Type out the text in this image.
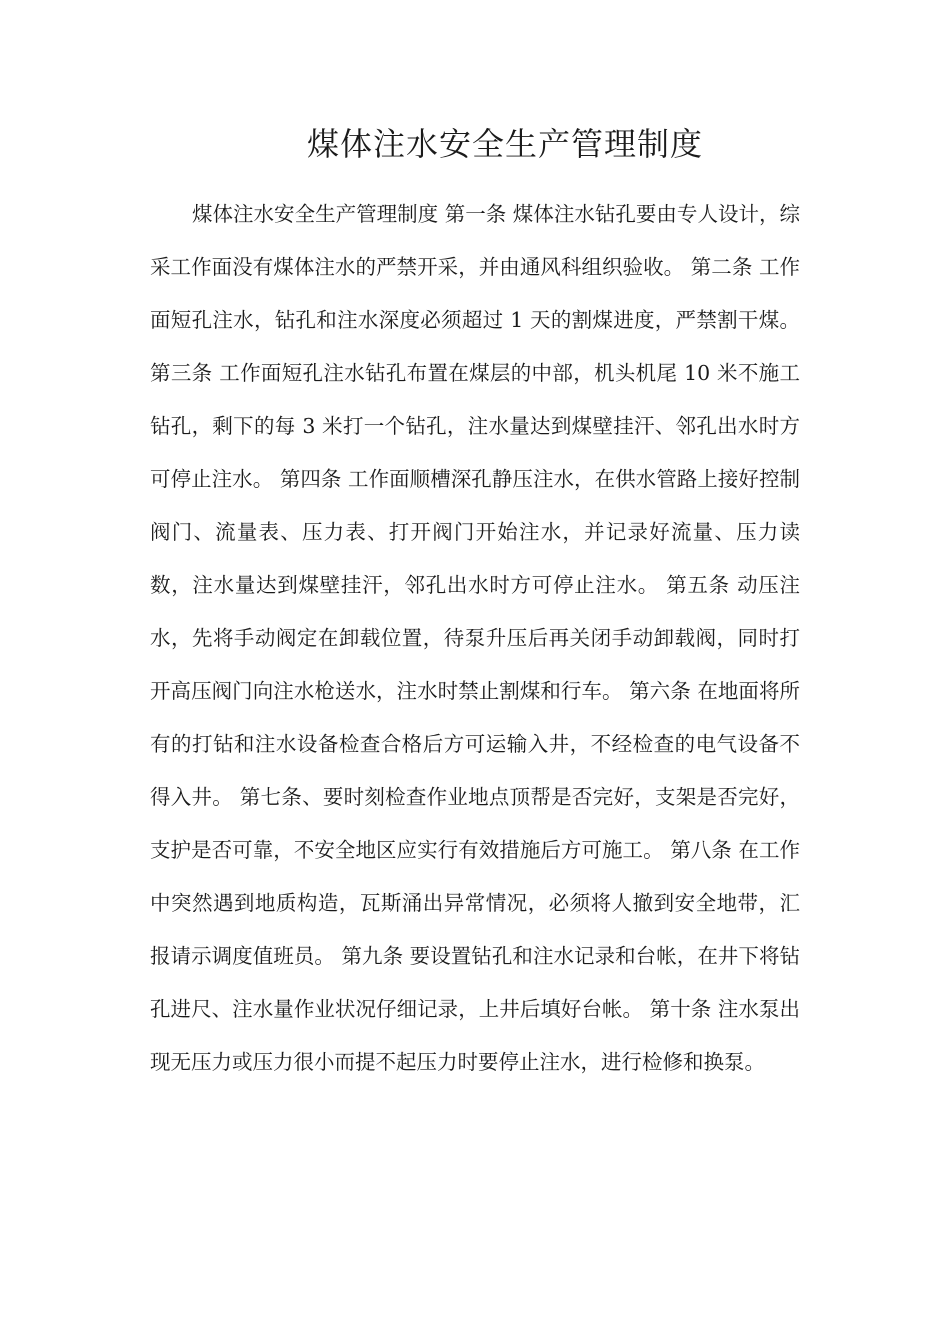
煤体注水安全生产管理制度

煤体注水安全生产管理制度 第一条 煤体注水钻孔要由专人设计，综采工作面没有煤体注水的严禁开采，并由通风科组织验收。 第二条 工作面短孔注水，钻孔和注水深度必须超过 1 天的割煤进度，严禁割干煤。 第三条 工作面短孔注水钻孔布置在煤层的中部，机头机尾 10 米不施工钻孔，剩下的每 3 米打一个钻孔，注水量达到煤壁挂汗、邻孔出水时方可停止注水。 第四条 工作面顺槽深孔静压注水，在供水管路上接好控制阀门、流量表、压力表、打开阀门开始注水，并记录好流量、压力读数，注水量达到煤壁挂汗，邻孔出水时方可停止注水。 第五条 动压注水，先将手动阀定在卸载位置，待泵升压后再关闭手动卸载阀，同时打开高压阀门向注水枪送水，注水时禁止割煤和行车。 第六条 在地面将所有的打钻和注水设备检查合格后方可运输入井，不经检查的电气设备不得入井。 第七条、要时刻检查作业地点顶帮是否完好，支架是否完好，支护是否可靠，不安全地区应实行有效措施后方可施工。 第八条 在工作中突然遇到地质构造，瓦斯涌出异常情况，必须将人撤到安全地带，汇报请示调度值班员。 第九条 要设置钻孔和注水记录和台帐，在井下将钻孔进尺、注水量作业状况仔细记录，上井后填好台帐。 第十条 注水泵出现无压力或压力很小而提不起压力时要停止注水，进行检修和换泵。
